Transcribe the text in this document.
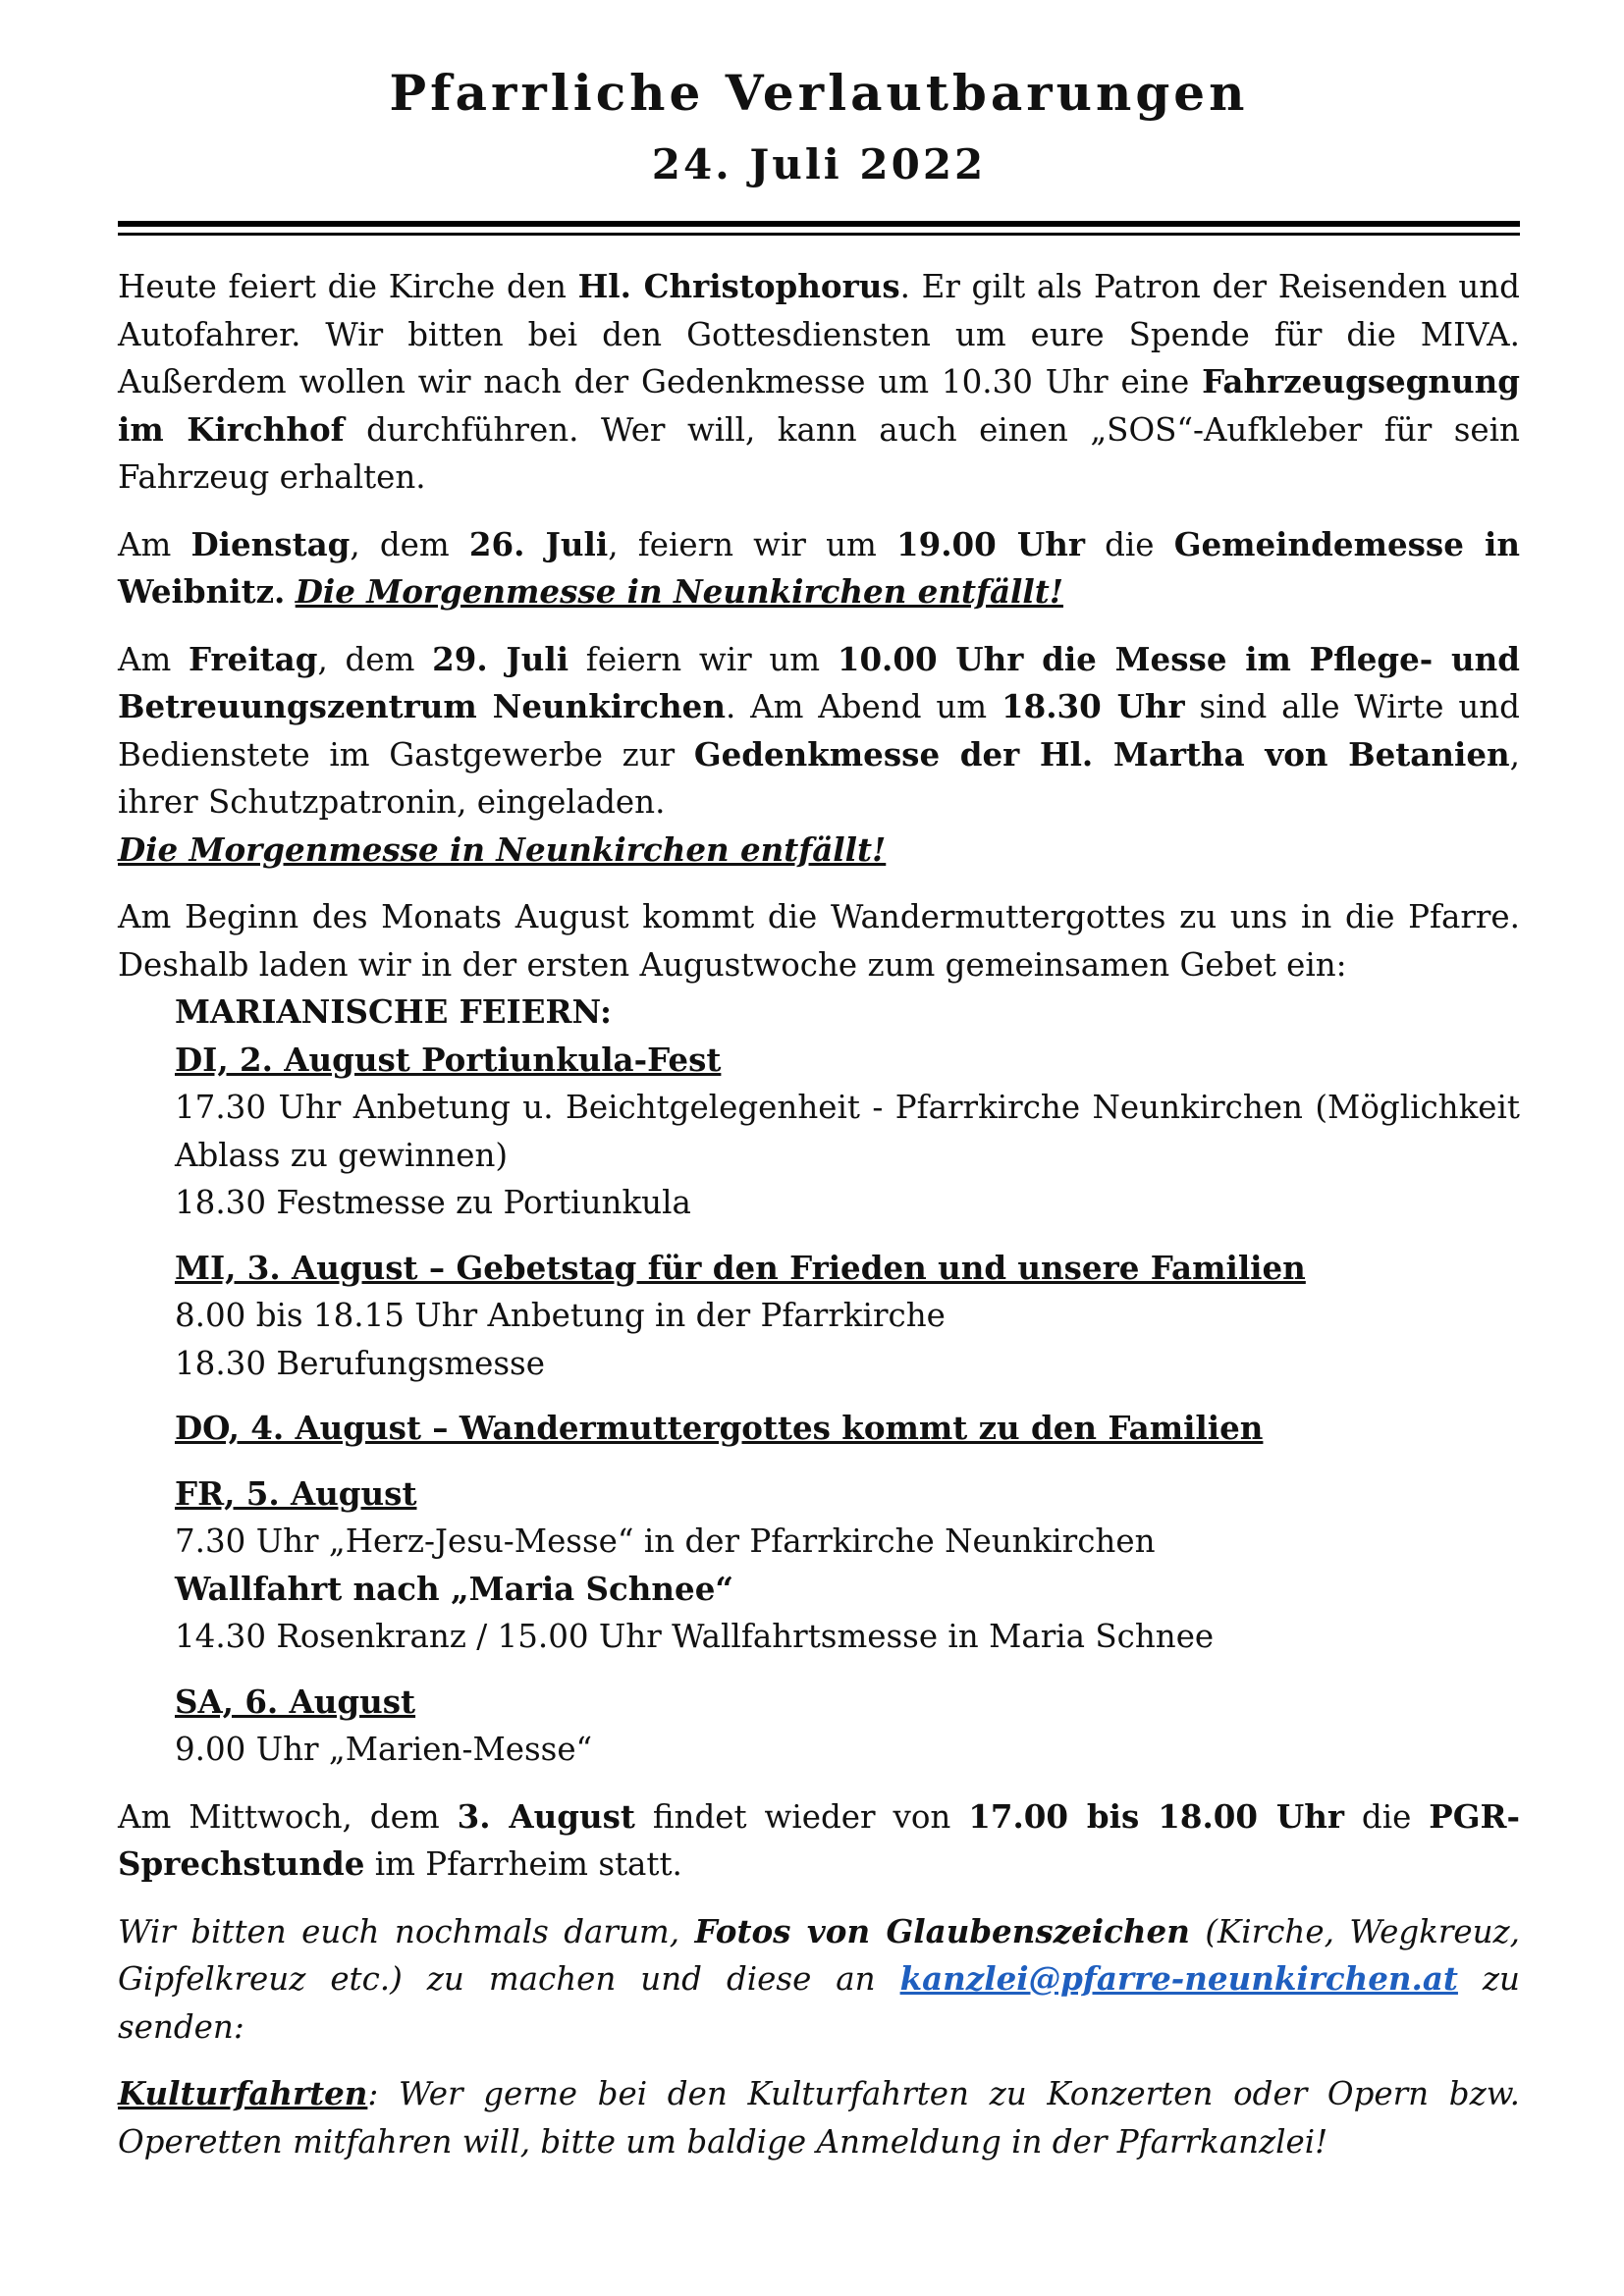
Pfarrliche Verlautbarungen
24. Juli 2022

Heute feiert die Kirche den Hl. Christophorus. Er gilt als Patron der Reisenden und Autofahrer. Wir bitten bei den Gottesdiensten um eure Spende für die MIVA. Außerdem wollen wir nach der Gedenkmesse um 10.30 Uhr eine Fahrzeugsegnung im Kirchhof durchführen. Wer will, kann auch einen „SOS“-Aufkleber für sein Fahrzeug erhalten.

Am Dienstag, dem 26. Juli, feiern wir um 19.00 Uhr die Gemeindemesse in Weibnitz. Die Morgenmesse in Neunkirchen entfällt!

Am Freitag, dem 29. Juli feiern wir um 10.00 Uhr die Messe im Pflege- und Betreuungszentrum Neunkirchen. Am Abend um 18.30 Uhr sind alle Wirte und Bedienstete im Gastgewerbe zur Gedenkmesse der Hl. Martha von Betanien, ihrer Schutzpatronin, eingeladen.

Die Morgenmesse in Neunkirchen entfällt!

Am Beginn des Monats August kommt die Wandermuttergottes zu uns in die Pfarre. Deshalb laden wir in der ersten Augustwoche zum gemeinsamen Gebet ein:

MARIANISCHE FEIERN:

DI, 2. August Portiunkula-Fest

17.30 Uhr Anbetung u. Beichtgelegenheit - Pfarrkirche Neunkirchen (Möglichkeit Ablass zu gewinnen)

18.30 Festmesse zu Portiunkula

MI, 3. August – Gebetstag für den Frieden und unsere Familien

8.00 bis 18.15 Uhr Anbetung in der Pfarrkirche

18.30 Berufungsmesse

DO, 4. August – Wandermuttergottes kommt zu den Familien

FR, 5. August

7.30 Uhr „Herz-Jesu-Messe“ in der Pfarrkirche Neunkirchen

Wallfahrt nach „Maria Schnee“

14.30 Rosenkranz / 15.00 Uhr Wallfahrtsmesse in Maria Schnee

SA, 6. August

9.00 Uhr „Marien-Messe“

Am Mittwoch, dem 3. August findet wieder von 17.00 bis 18.00 Uhr die PGR-Sprechstunde im Pfarrheim statt.

Wir bitten euch nochmals darum, Fotos von Glaubenszeichen (Kirche, Wegkreuz, Gipfelkreuz etc.) zu machen und diese an kanzlei@pfarre-neunkirchen.at zu senden:

Kulturfahrten: Wer gerne bei den Kulturfahrten zu Konzerten oder Opern bzw. Operetten mitfahren will, bitte um baldige Anmeldung in der Pfarrkanzlei!
